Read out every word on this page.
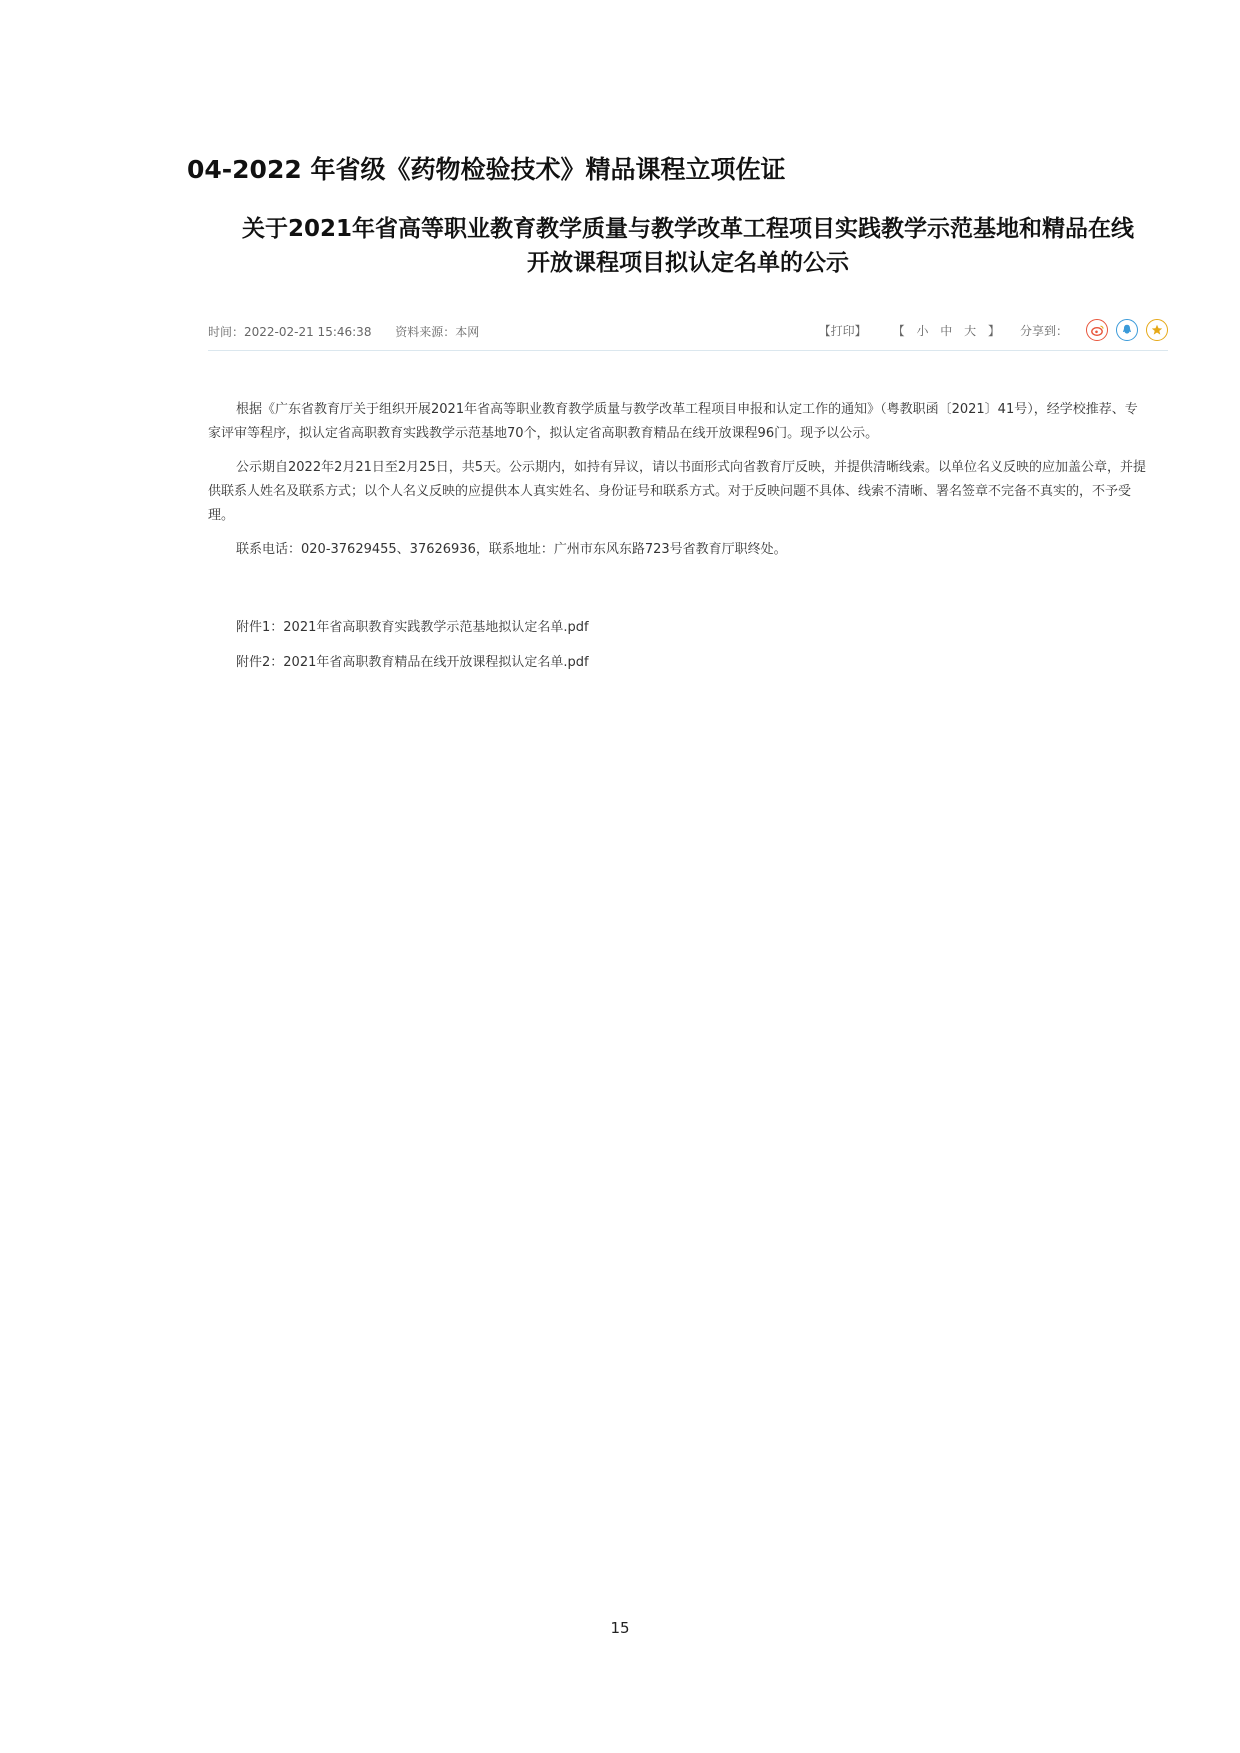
04-2022 年省级《药物检验技术》精品课程立项佐证
关于2021年省高等职业教育教学质量与教学改革工程项目实践教学示范基地和精品在线
开放课程项目拟认定名单的公示
时间：2022-02-21 15:46:38 资料来源：本网	【打印】	【 小 中 大 】	分享到：

根据《广东省教育厅关于组织开展2021年省高等职业教育教学质量与教学改革工程项目申报和认定工作的通知》（粤教职函〔2021〕41号），经学校推荐、专家评审等程序，拟认定省高职教育实践教学示范基地70个，拟认定省高职教育精品在线开放课程96门。现予以公示。

公示期自2022年2月21日至2月25日，共5天。公示期内，如持有异议，请以书面形式向省教育厅反映，并提供清晰线索。以单位名义反映的应加盖公章，并提供联系人姓名及联系方式；以个人名义反映的应提供本人真实姓名、身份证号和联系方式。对于反映问题不具体、线索不清晰、署名签章不完备不真实的，不予受理。

联系电话：020-37629455、37626936，联系地址：广州市东风东路723号省教育厅职终处。

附件1：2021年省高职教育实践教学示范基地拟认定名单.pdf
附件2：2021年省高职教育精品在线开放课程拟认定名单.pdf
15
